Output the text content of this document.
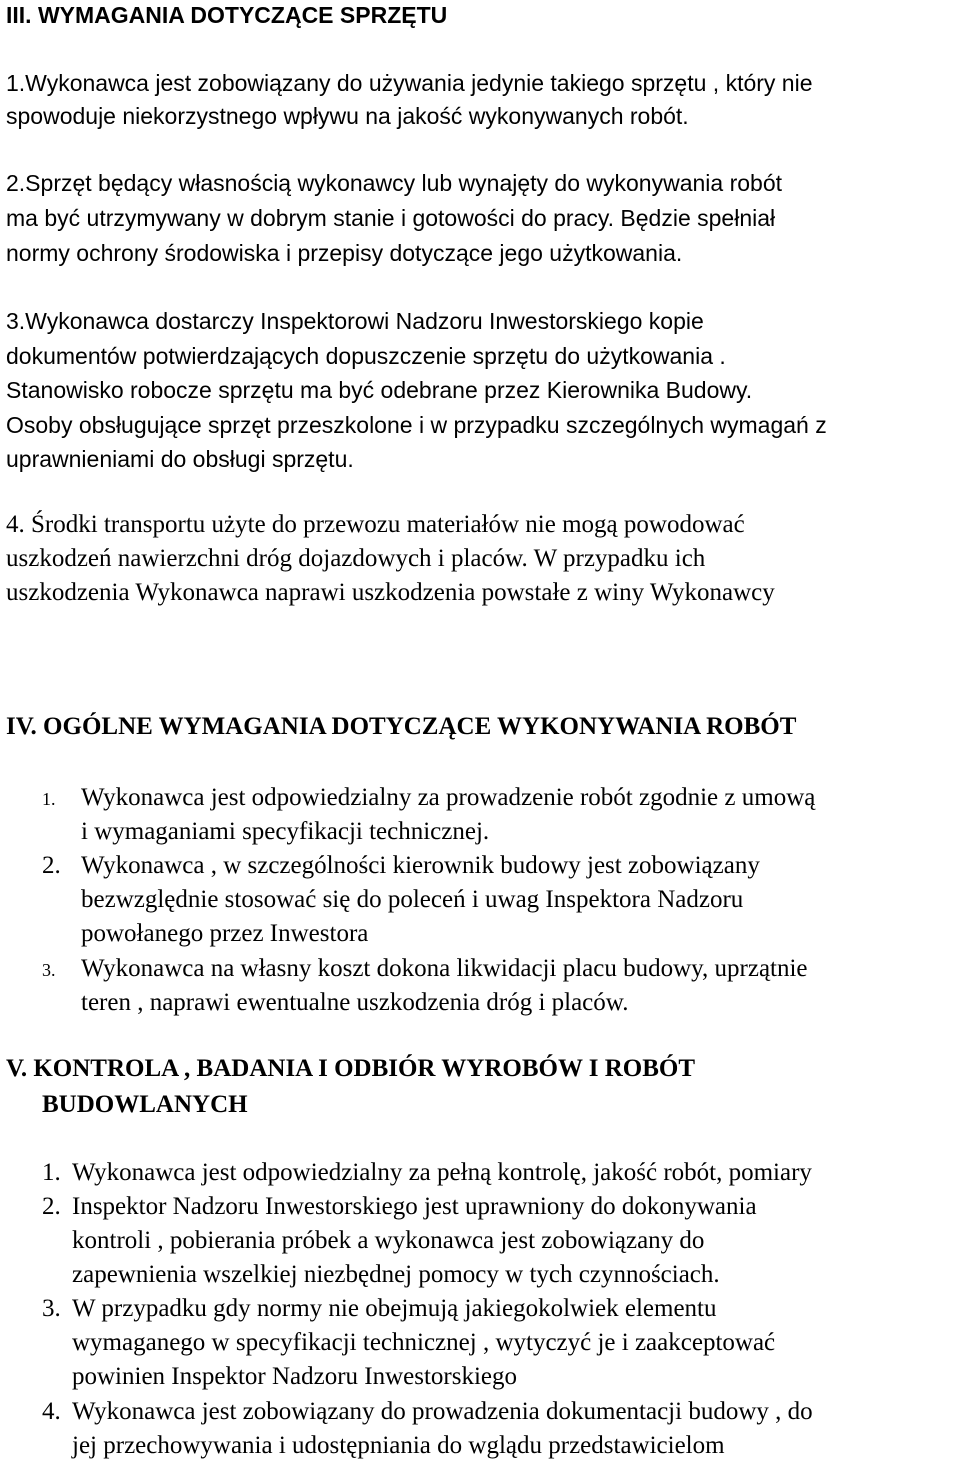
III. WYMAGANIA DOTYCZĄCE SPRZĘTU
1.Wykonawca jest zobowiązany do używania jedynie takiego sprzętu , który nie
spowoduje niekorzystnego wpływu na jakość wykonywanych robót.
2.Sprzęt będący własnością wykonawcy lub wynajęty do wykonywania robót
ma być utrzymywany w dobrym stanie i gotowości do pracy. Będzie spełniał
normy ochrony środowiska i przepisy dotyczące jego użytkowania.
3.Wykonawca dostarczy Inspektorowi Nadzoru Inwestorskiego kopie
dokumentów potwierdzających dopuszczenie sprzętu do użytkowania .
Stanowisko robocze sprzętu ma być odebrane przez Kierownika Budowy.
Osoby obsługujące sprzęt przeszkolone i w przypadku szczególnych wymagań z
uprawnieniami do obsługi sprzętu.
4. Środki transportu użyte do przewozu materiałów nie mogą powodować
uszkodzeń nawierzchni dróg dojazdowych i placów. W przypadku ich
uszkodzenia Wykonawca naprawi uszkodzenia powstałe z winy Wykonawcy
IV. OGÓLNE WYMAGANIA DOTYCZĄCE WYKONYWANIA ROBÓT
1. Wykonawca jest odpowiedzialny za prowadzenie robót zgodnie z umową
i wymaganiami specyfikacji technicznej.
2. Wykonawca , w szczególności kierownik budowy jest zobowiązany
bezwzględnie stosować się do poleceń i uwag Inspektora Nadzoru
powołanego przez Inwestora
3. Wykonawca na własny koszt dokona likwidacji placu budowy, uprzątnie
teren , naprawi ewentualne uszkodzenia dróg i placów.
V. KONTROLA , BADANIA I ODBIÓR WYROBÓW I ROBÓT
BUDOWLANYCH
1. Wykonawca jest odpowiedzialny za pełną kontrolę, jakość robót, pomiary
2. Inspektor Nadzoru Inwestorskiego jest uprawniony do dokonywania
kontroli , pobierania próbek a wykonawca jest zobowiązany do
zapewnienia wszelkiej niezbędnej pomocy w tych czynnościach.
3. W przypadku gdy normy nie obejmują jakiegokolwiek elementu
wymaganego w specyfikacji technicznej , wytyczyć je i zaakceptować
powinien Inspektor Nadzoru Inwestorskiego
4. Wykonawca jest zobowiązany do prowadzenia dokumentacji budowy , do
jej przechowywania i udostępniania do wglądu przedstawicielom
